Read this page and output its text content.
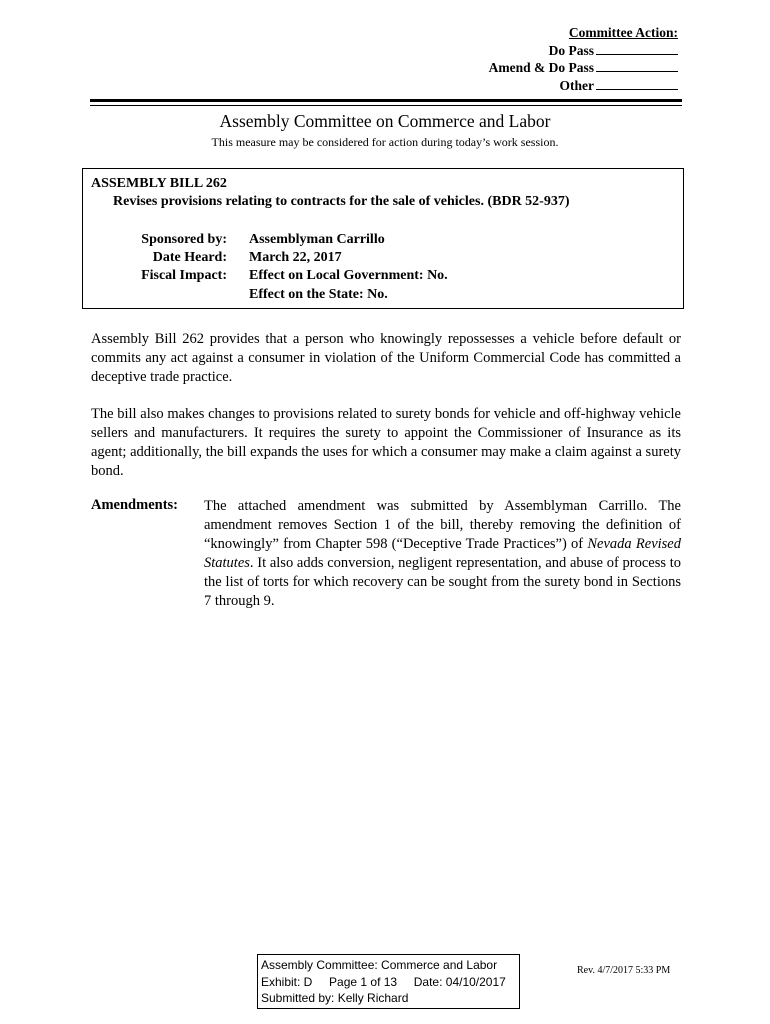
Committee Action:
Do Pass
Amend & Do Pass
Other
Assembly Committee on Commerce and Labor
This measure may be considered for action during today’s work session.
ASSEMBLY BILL 262
Revises provisions relating to contracts for the sale of vehicles. (BDR 52-937)
Sponsored by: Assemblyman Carrillo
Date Heard: March 22, 2017
Fiscal Impact: Effect on Local Government: No.
Effect on the State: No.
Assembly Bill 262 provides that a person who knowingly repossesses a vehicle before default or commits any act against a consumer in violation of the Uniform Commercial Code has committed a deceptive trade practice.
The bill also makes changes to provisions related to surety bonds for vehicle and off-highway vehicle sellers and manufacturers. It requires the surety to appoint the Commissioner of Insurance as its agent; additionally, the bill expands the uses for which a consumer may make a claim against a surety bond.
Amendments: The attached amendment was submitted by Assemblyman Carrillo. The amendment removes Section 1 of the bill, thereby removing the definition of “knowingly” from Chapter 598 (“Deceptive Trade Practices”) of Nevada Revised Statutes. It also adds conversion, negligent representation, and abuse of process to the list of torts for which recovery can be sought from the surety bond in Sections 7 through 9.
Assembly Committee: Commerce and Labor
Exhibit: D     Page 1 of 13     Date: 04/10/2017
Submitted by: Kelly Richard
Rev. 4/7/2017 5:33 PM
